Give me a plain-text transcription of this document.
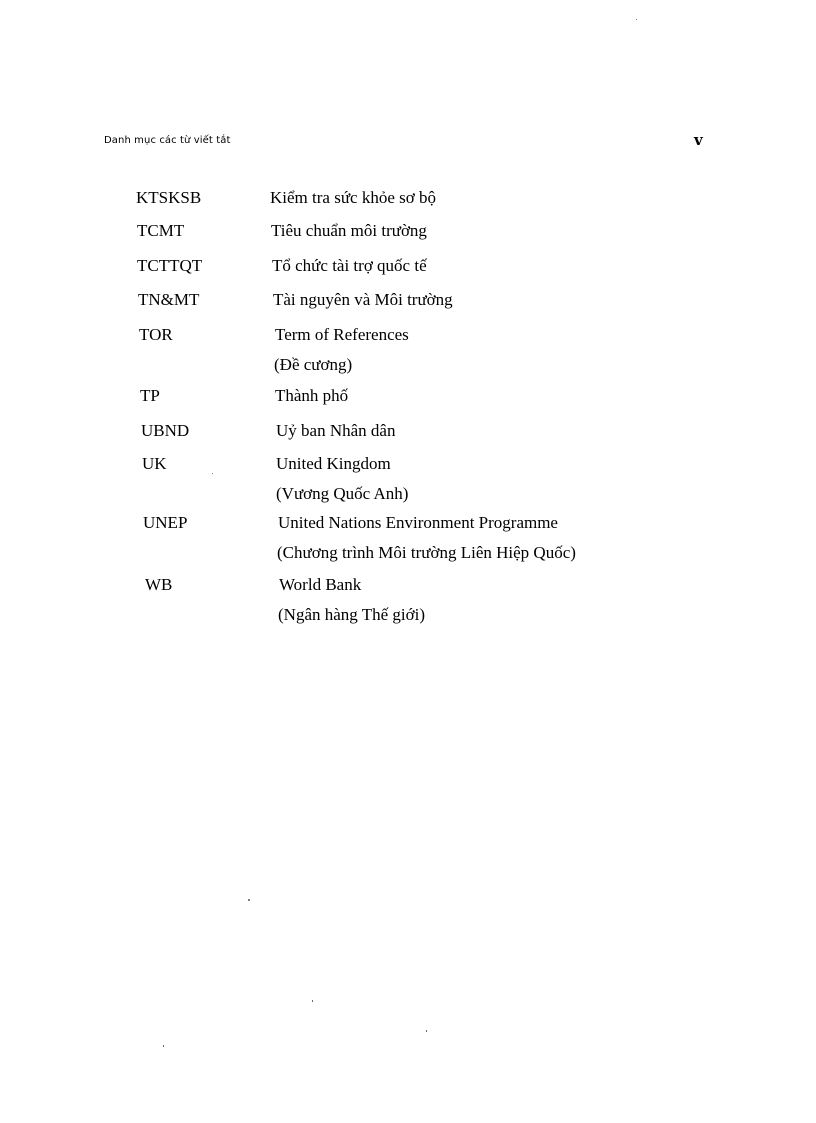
Danh mục các từ viết tắt	v
KTSKSB	Kiểm tra sức khỏe sơ bộ
TCMT	Tiêu chuẩn môi trường
TCTTQT	Tổ chức tài trợ quốc tế
TN&MT	Tài nguyên và Môi trường
TOR	Term of References
(Đề cương)
TP	Thành phố
UBND	Uỷ ban Nhân dân
UK	United Kingdom
(Vương Quốc Anh)
UNEP	United Nations Environment Programme
(Chương trình Môi trường Liên Hiệp Quốc)
WB	World Bank
(Ngân hàng Thế giới)
